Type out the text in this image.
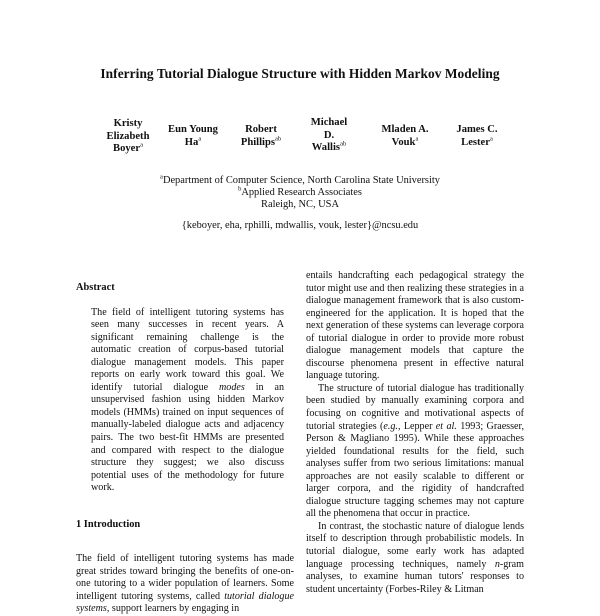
Inferring Tutorial Dialogue Structure with Hidden Markov Modeling
Kristy
Elizabeth
Boyer$^a$
Eun Young
Ha$^a$
Robert
Phillips$^{ab}$
Michael
D.
Wallis$^{ab}$
Mladen A.
Vouk$^a$
James C.
Lester$^a$
$^a$Department of Computer Science, North Carolina State University
$^b$Applied Research Associates
Raleigh, NC, USA
{keboyer, eha, rphilli, mdwallis, vouk, lester}@ncsu.edu
Abstract

The field of intelligent tutoring systems has seen many successes in recent years. A significant remaining challenge is the automatic creation of corpus-based tutorial dialogue management models. This paper reports on early work toward this goal. We identify tutorial dialogue modes in an unsupervised fashion using hidden Markov models (HMMs) trained on input sequences of manually-labeled dialogue acts and adjacency pairs. The two best-fit HMMs are presented and compared with respect to the dialogue structure they suggest; we also discuss potential uses of the methodology for future work.

1 Introduction

The field of intelligent tutoring systems has made great strides toward bringing the benefits of one-on-one tutoring to a wider population of learners. Some intelligent tutoring systems, called tutorial dialogue systems, support learners by engaging in

entails handcrafting each pedagogical strategy the tutor might use and then realizing these strategies in a dialogue management framework that is also custom-engineered for the application. It is hoped that the next generation of these systems can leverage corpora of tutorial dialogue in order to provide more robust dialogue management models that capture the discourse phenomena present in effective natural language tutoring.

The structure of tutorial dialogue has traditionally been studied by manually examining corpora and focusing on cognitive and motivational aspects of tutorial strategies (e.g., Lepper et al. 1993; Graesser, Person & Magliano 1995). While these approaches yielded foundational results for the field, such analyses suffer from two serious limitations: manual approaches are not easily scalable to different or larger corpora, and the rigidity of handcrafted dialogue structure tagging schemes may not capture all the phenomena that occur in practice.

In contrast, the stochastic nature of dialogue lends itself to description through probabilistic models. In tutorial dialogue, some early work has adapted language processing techniques, namely n-gram analyses, to examine human tutors' responses to student uncertainty (Forbes-Riley & Litman
